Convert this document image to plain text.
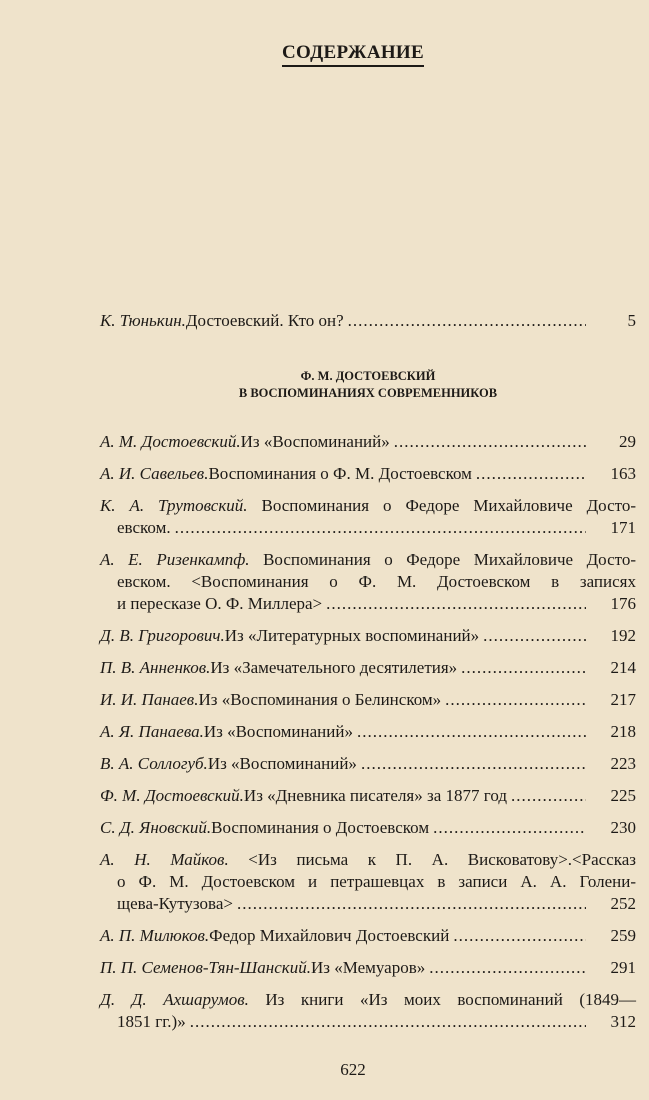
СОДЕРЖАНИЕ
К. Тюнькин. Достоевский. Кто он? .....	5
Ф. М. ДОСТОЕВСКИЙ
В ВОСПОМИНАНИЯХ СОВРЕМЕННИКОВ
А. М. Достоевский. Из «Воспоминаний» .....	29
А. И. Савельев. Воспоминания о Ф. М. Достоевском .....	163
К. А. Трутовский. Воспоминания о Федоре Михайловиче Досто-
евском. .....	171
А. Е. Ризенкампф. Воспоминания о Федоре Михайловиче Досто-
евском. <Воспоминания о Ф. М. Достоевском в записях
и пересказе О. Ф. Миллера> .....	176
Д. В. Григорович. Из «Литературных воспоминаний» .....	192
П. В. Анненков. Из «Замечательного десятилетия» .....	214
И. И. Панаев. Из «Воспоминания о Белинском» .....	217
А. Я. Панаева. Из «Воспоминаний» .....	218
В. А. Соллогуб. Из «Воспоминаний» .....	223
Ф. М. Достоевский. Из «Дневника писателя» за 1877 год .....	225
С. Д. Яновский. Воспоминания о Достоевском .....	230
А. Н. Майков. <Из письма к П. А. Висковатову>.<Рассказ
о Ф. М. Достоевском и петрашевцах в записи А. А. Голени-
щева-Кутузова> .....	252
А. П. Милюков. Федор Михайлович Достоевский .....	259
П. П. Семенов-Тян-Шанский. Из «Мемуаров» .....	291
Д. Д. Ахшарумов. Из книги «Из моих воспоминаний (1849—
1851 гг.)» .....	312
622
